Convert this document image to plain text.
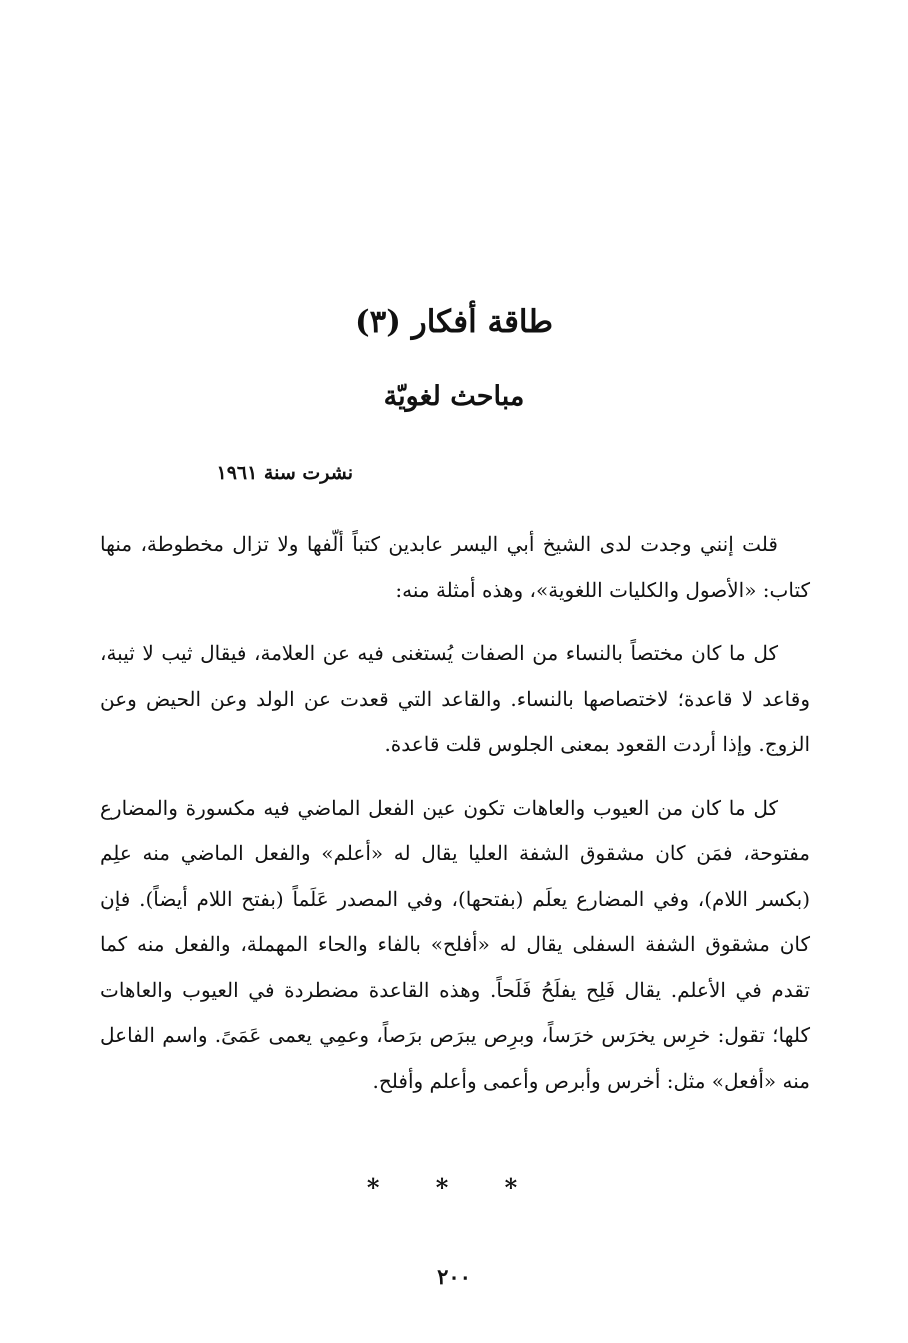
طاقة أفكار (٣)
مباحث لغويّة
نشرت سنة ١٩٦١

قلت إنني وجدت لدى الشيخ أبي اليسر عابدين كتباً ألّفها ولا تزال مخطوطة، منها كتاب: «الأصول والكليات اللغوية»، وهذه أمثلة منه:

كل ما كان مختصاً بالنساء من الصفات يُستغنى فيه عن العلامة، فيقال ثيب لا ثيبة، وقاعد لا قاعدة؛ لاختصاصها بالنساء. والقاعد التي قعدت عن الولد وعن الحيض وعن الزوج. وإذا أردت القعود بمعنى الجلوس قلت قاعدة.

كل ما كان من العيوب والعاهات تكون عين الفعل الماضي فيه مكسورة والمضارع مفتوحة، فمَن كان مشقوق الشفة العليا يقال له «أعلم» والفعل الماضي منه علِم (بكسر اللام)، وفي المضارع يعلَم (بفتحها)، وفي المصدر عَلَماً (بفتح اللام أيضاً). فإن كان مشقوق الشفة السفلى يقال له «أفلح» بالفاء والحاء المهملة، والفعل منه كما تقدم في الأعلم. يقال فَلِح يفلَحُ فَلَحاً. وهذه القاعدة مضطردة في العيوب والعاهات كلها؛ تقول: خرِس يخرَس خرَساً، وبرِص يبرَص برَصاً، وعمِي يعمى عَمَىً. واسم الفاعل منه «أفعل» مثل: أخرس وأبرص وأعمى وأعلم وأفلح.

* * *
٢٠٠
